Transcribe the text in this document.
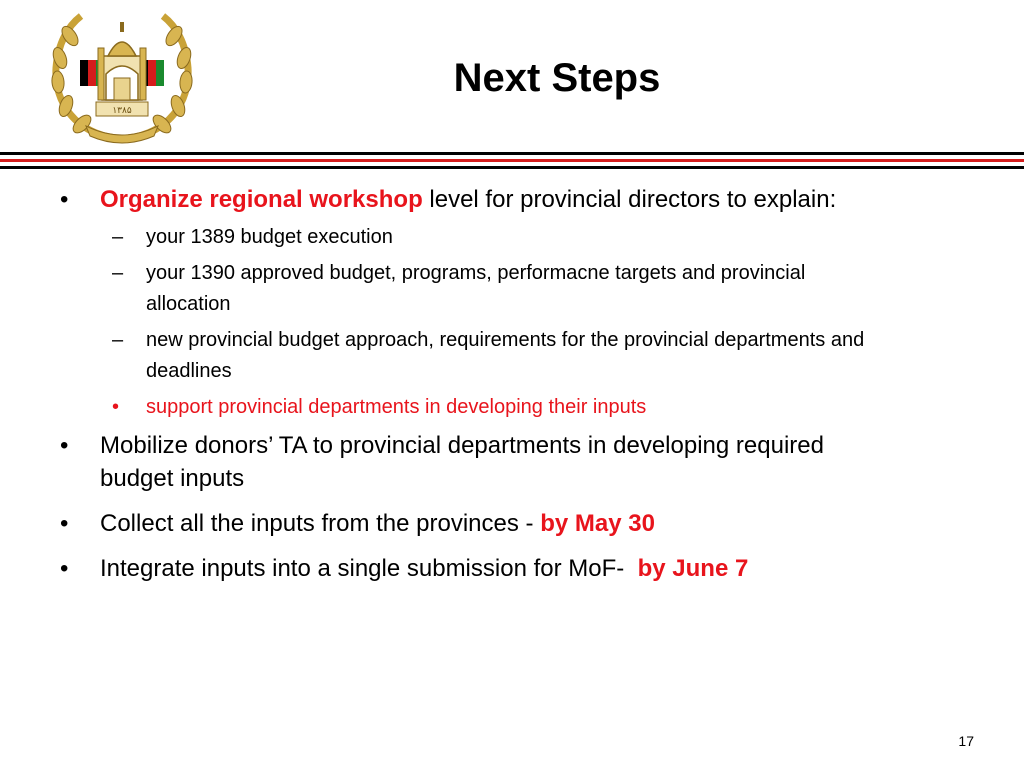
۱۳۸۵
Next Steps
•	Organize regional workshop level for provincial directors to explain:
– your 1389 budget execution
– your 1390 approved budget, programs, performacne targets and provincial allocation
– new provincial budget approach, requirements for the provincial departments and deadlines
• support provincial departments in developing their inputs
•	Mobilize donors’ TA to provincial departments in developing required budget inputs
•	Collect all the inputs from the provinces - by May 30
•	Integrate inputs into a single submission for MoF-  by June 7
17
